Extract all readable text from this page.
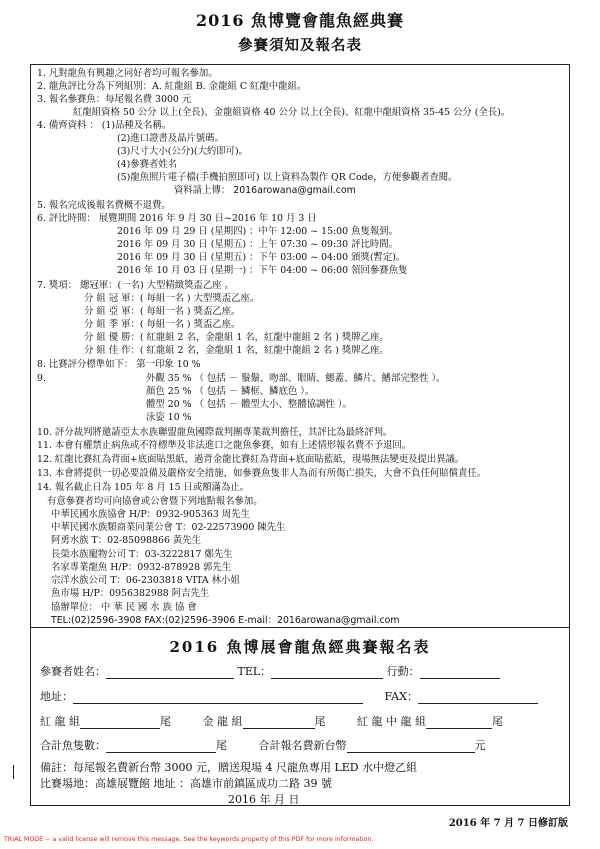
2016 魚博覽會龍魚經典賽
參賽須知及報名表
1. 凡對龍魚有興趣之同好者均可報名參加。
2. 龍魚評比分為下列組別：A. 紅龍組 B. 金龍組 C 紅龍中龍組。
3. 報名參賽魚：每尾報名費 3000 元
紅龍組資格 50 公分 以上(全長)、金龍組資格 40 公分 以上(全長)、紅龍中龍組資格 35-45 公分 (全長)。
4. 備齊資料 ： (1)品種及名稱。
(2)進口證書及晶片號碼。
(3)尺寸大小(公分)(大約即可)。
(4)參賽者姓名
(5)龍魚照片電子檔(手機拍照即可) 以上資料為製作 QR Code，方便參觀者查閱。
資料請上傳： 2016arowana@gmail.com
5. 報名完成後報名費概不退費。
6. 評比時間： 展覽期間 2016 年 9 月 30 日~2016 年 10 月 3 日
2016 年 09 月 29 日 (星期四) ：中午 12:00 ~ 15:00 魚隻報到。
2016 年 09 月 30 日 (星期五) ：上午 07:30 ~ 09:30 評比時間。
2016 年 09 月 30 日 (星期五) ：下午 03:00 ~ 04:00 頒獎(暫定)。
2016 年 10 月 03 日 (星期一) ：下午 04:00 ~ 06:00 領回參賽魚隻
7. 獎項： 總冠軍：(一名) 大型精緻獎盃乙座 。
分 組 冠 軍：( 每組一名 ) 大型獎盃乙座。
分 組 亞 軍：( 每組一名 ) 獎盃乙座。
分 組 季 軍：( 每組一名 ) 獎盃乙座。
分 組 優 勝：( 紅龍組 2 名，金龍組 1 名，紅龍中龍組 2 名 ) 獎牌乙座。
分 組 佳 作：( 紅龍組 2 名，金龍組 1 名，紅龍中龍組 2 名 ) 獎牌乙座。
8. 比賽評分標準如下： 第一印象 10 %
9.	外觀 35 % （ 包括 － 鬚鬚、吻部、眼睛、鰓蓋、鱗片、鰭部完整性 ）。
顏色 25 % （ 包括 － 鱗框、鱗底色 ）。
體型 20 % （ 包括 － 體型大小、整體協調性 ）。
泳姿 10 %
10. 評分裁判將邀請亞太水族聯盟龍魚國際裁判團專業裁判擔任，其評比為最終評判。
11. 本會有權禁止病魚或不符標準及非法進口之龍魚參賽，如有上述情形報名費不予退回。
12. 紅龍比賽紅為背面+底面貼黑紙，過背金龍比賽紅為背面+底面貼藍紙，現場無法變更及提出異議。
13. 本會將提供一切必要設備及嚴格安全措施，如參賽魚隻非人為而有所傷亡損失，大會不負任何賠償責任。
14. 報名截止日為 105 年 8 月 15 日或額滿為止。
有意參賽者均可向協會或公會暨下列地點報名參加。
中華民國水族協會 H/P：0932-905363 周先生
中華民國水族類商業同業公會 T：02-22573900 陳先生
阿勇水族 T：02-85098866 黃先生
長榮水族寵物公司 T：03-3222817 鄭先生
名家專業龍魚 H/P：0932-878928 郭先生
宗洋水族公司 T：06-2303818 VITA 林小姐
魚市場 H/P：0956382988 阿吉先生
協辦單位： 中 華 民 國 水 族 協 會
TEL:(02)2596-3908 FAX:(02)2596-3906 E-mail：2016arowana@gmail.com
2016 魚博展會龍魚經典賽報名表
參賽者姓名：	TEL：	行動：
地址：	FAX：
紅 龍 組	尾	金 龍 組	尾	紅 龍 中 龍 組	尾
合計魚隻數：	尾	合計報名費新台幣	元
備註：每尾報名費新台幣 3000 元，贈送現場 4 尺龍魚專用 LED 水中燈乙組
比賽場地：高雄展覽館 地址 ：高雄市前鎮區成功二路 39 號
2016 年 月 日
2016 年 7 月 7 日修訂版
TRIAL MODE − a valid license will remove this message. See the keywords property of this PDF for more information.
